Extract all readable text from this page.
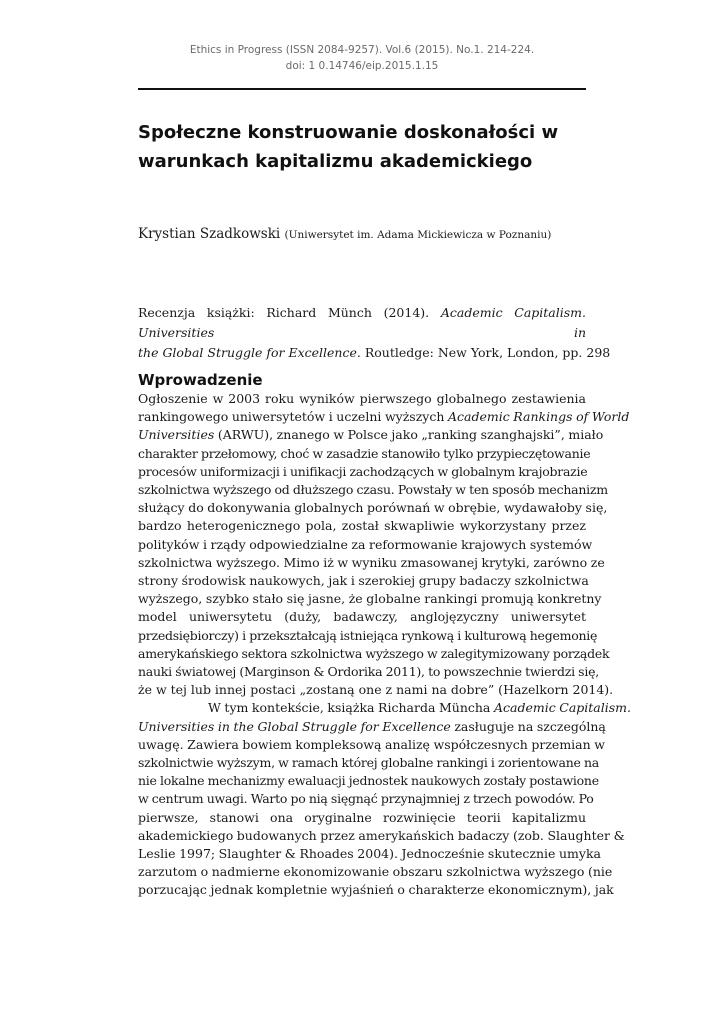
Ethics in Progress (ISSN 2084-9257). Vol.6 (2015). No.1. 214-224.
doi: 1 0.14746/eip.2015.1.15
Społeczne konstruowanie doskonałości w
warunkach kapitalizmu akademickiego
Krystian Szadkowski (Uniwersytet im. Adama Mickiewicza w Poznaniu)
Recenzja książki: Richard Münch (2014). Academic Capitalism. Universities in
the Global Struggle for Excellence. Routledge: New York, London, pp. 298
Wprowadzenie
Ogłoszenie w 2003 roku wyników pierwszego globalnego zestawienia
rankingowego uniwersytetów i uczelni wyższych Academic Rankings of World
Universities (ARWU), znanego w Polsce jako „ranking szanghajski”, miało
charakter przełomowy, choć w zasadzie stanowiło tylko przypieczętowanie
procesów uniformizacji i unifikacji zachodzących w globalnym krajobrazie
szkolnictwa wyższego od dłuższego czasu. Powstały w ten sposób mechanizm
służący do dokonywania globalnych porównań w obrębie, wydawałoby się,
bardzo heterogenicznego pola, został skwapliwie wykorzystany przez
polityków i rządy odpowiedzialne za reformowanie krajowych systemów
szkolnictwa wyższego. Mimo iż w wyniku zmasowanej krytyki, zarówno ze
strony środowisk naukowych, jak i szerokiej grupy badaczy szkolnictwa
wyższego, szybko stało się jasne, że globalne rankingi promują konkretny
model uniwersytetu (duży, badawczy, anglojęzyczny uniwersytet
przedsiębiorczy) i przekształcają istniejąca rynkową i kulturową hegemonię
amerykańskiego sektora szkolnictwa wyższego w zalegitymizowany porządek
nauki światowej (Marginson & Ordorika 2011), to powszechnie twierdzi się,
że w tej lub innej postaci „zostaną one z nami na dobre” (Hazelkorn 2014).
W tym kontekście, książka Richarda Müncha Academic Capitalism.
Universities in the Global Struggle for Excellence zasługuje na szczególną
uwagę. Zawiera bowiem kompleksową analizę współczesnych przemian w
szkolnictwie wyższym, w ramach której globalne rankingi i zorientowane na
nie lokalne mechanizmy ewaluacji jednostek naukowych zostały postawione
w centrum uwagi. Warto po nią sięgnąć przynajmniej z trzech powodów. Po
pierwsze, stanowi ona oryginalne rozwinięcie teorii kapitalizmu
akademickiego budowanych przez amerykańskich badaczy (zob. Slaughter &
Leslie 1997; Slaughter & Rhoades 2004). Jednocześnie skutecznie umyka
zarzutom o nadmierne ekonomizowanie obszaru szkolnictwa wyższego (nie
porzucając jednak kompletnie wyjaśnień o charakterze ekonomicznym), jak
